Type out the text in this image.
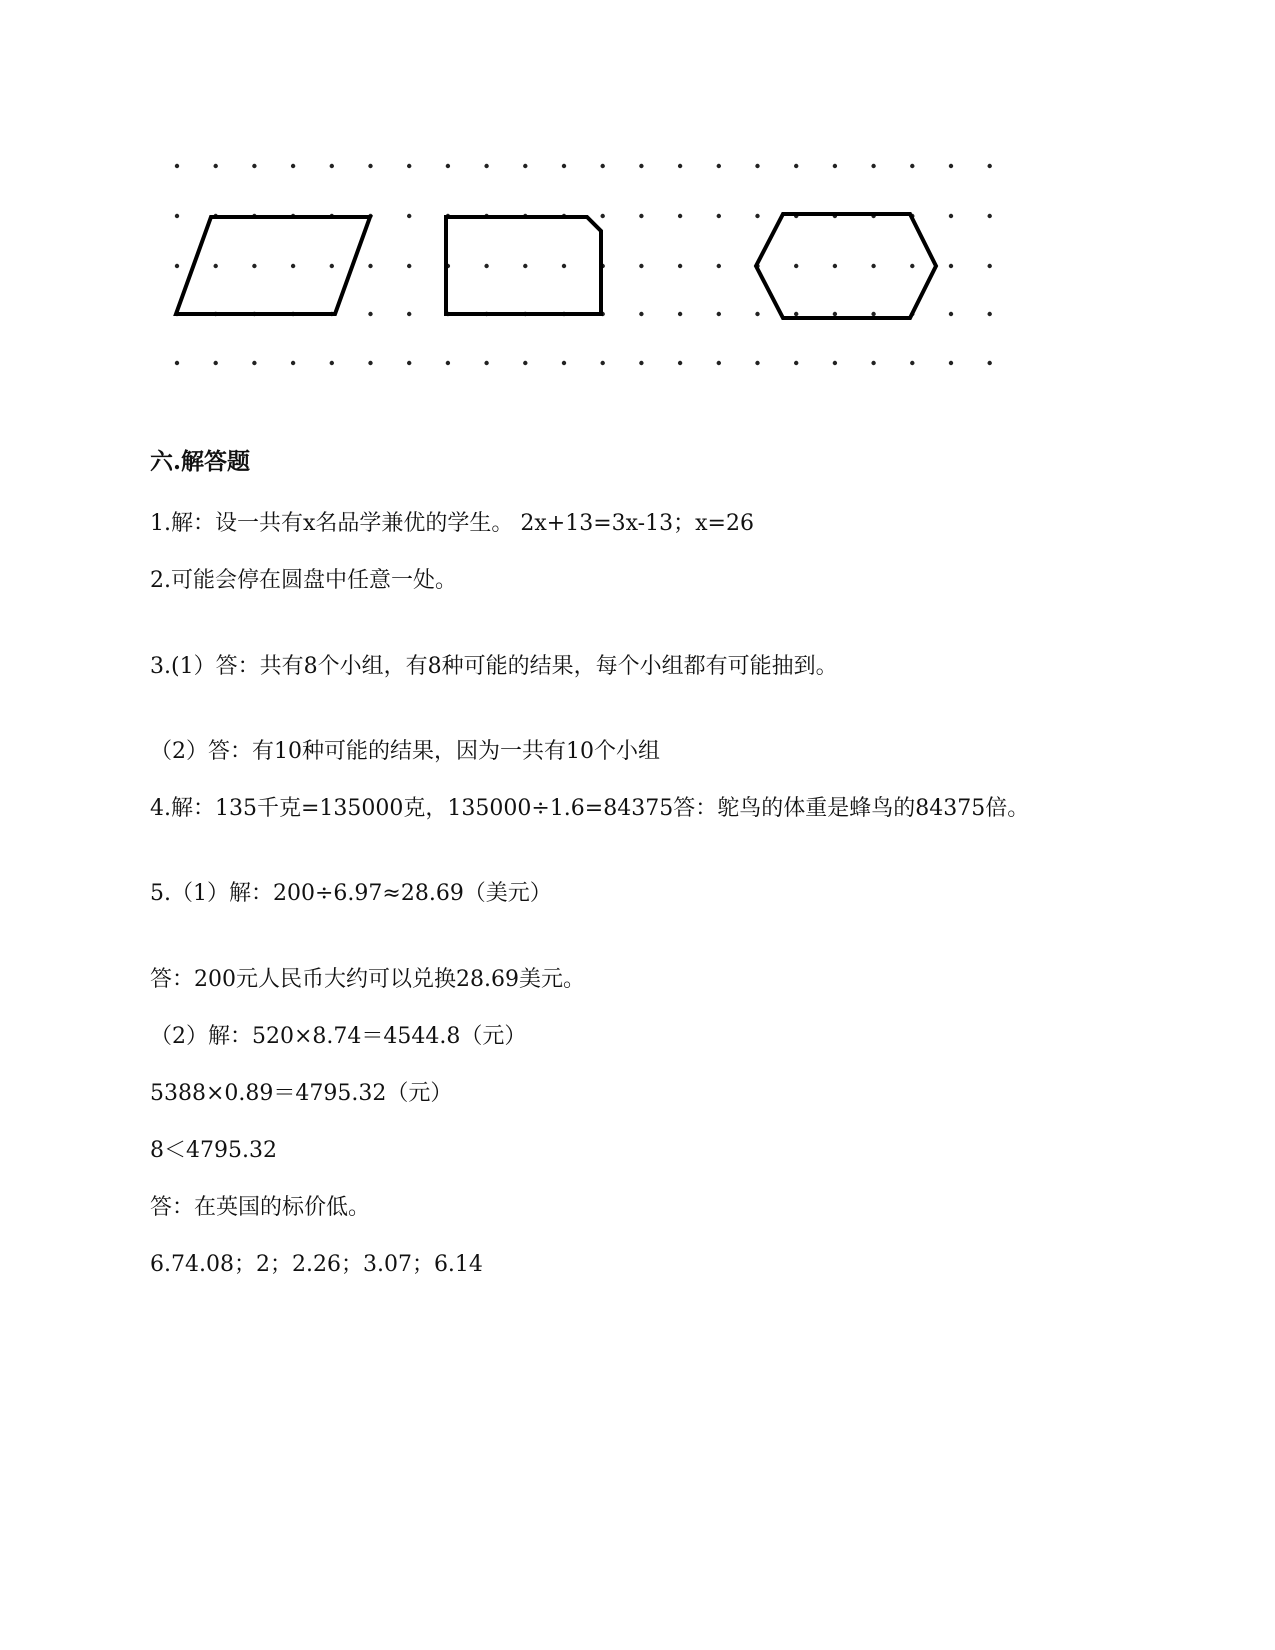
六.解答题
1.解：设一共有x名品学兼优的学生。 2x+13=3x-13；x=26
2.可能会停在圆盘中任意一处。
3.(1）答：共有8个小组，有8种可能的结果，每个小组都有可能抽到。
（2）答：有10种可能的结果，因为一共有10个小组
4.解：135千克=135000克，135000÷1.6=84375答：鸵鸟的体重是蜂鸟的84375倍。
5.（1）解：200÷6.97≈28.69（美元）
答：200元人民币大约可以兑换28.69美元。
（2）解：520×8.74＝4544.8（元）
5388×0.89＝4795.32（元）
8＜4795.32
答：在英国的标价低。
6.74.08；2；2.26；3.07；6.14
